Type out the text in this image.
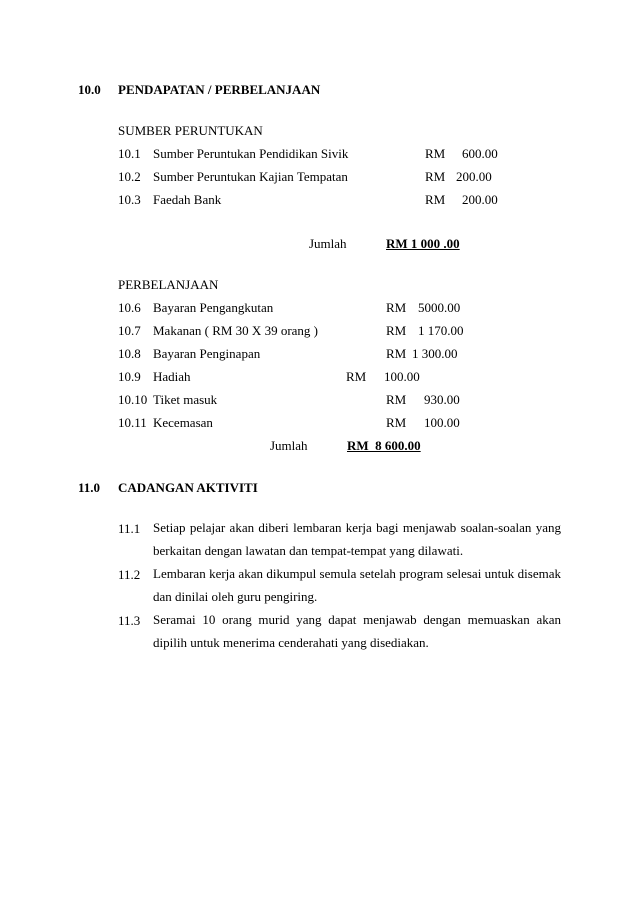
10.0 PENDAPATAN / PERBELANJAAN
SUMBER PERUNTUKAN
10.1 Sumber Peruntukan Pendidikan Sivik	RM 600.00
10.2 Sumber Peruntukan Kajian Tempatan	RM 200.00
10.3 Faedah Bank	RM 200.00
Jumlah	RM 1 000 .00
PERBELANJAAN
10.6 Bayaran Pengangkutan	RM 5000.00
10.7 Makanan ( RM 30 X 39 orang )	RM 1 170.00
10.8 Bayaran Penginapan	RM 1 300.00
10.9 Hadiah	RM 100.00
10.10 Tiket masuk	RM 930.00
10.11 Kecemasan	RM 100.00
Jumlah	RM  8 600.00
11.0 CADANGAN AKTIVITI
11.1 Setiap pelajar akan diberi lembaran kerja bagi menjawab soalan-soalan yang berkaitan dengan lawatan dan tempat-tempat yang dilawati.
11.2 Lembaran kerja akan dikumpul semula setelah program selesai untuk disemak dan dinilai oleh guru pengiring.
11.3 Seramai 10 orang murid yang dapat menjawab dengan memuaskan akan dipilih untuk menerima cenderahati yang disediakan.
